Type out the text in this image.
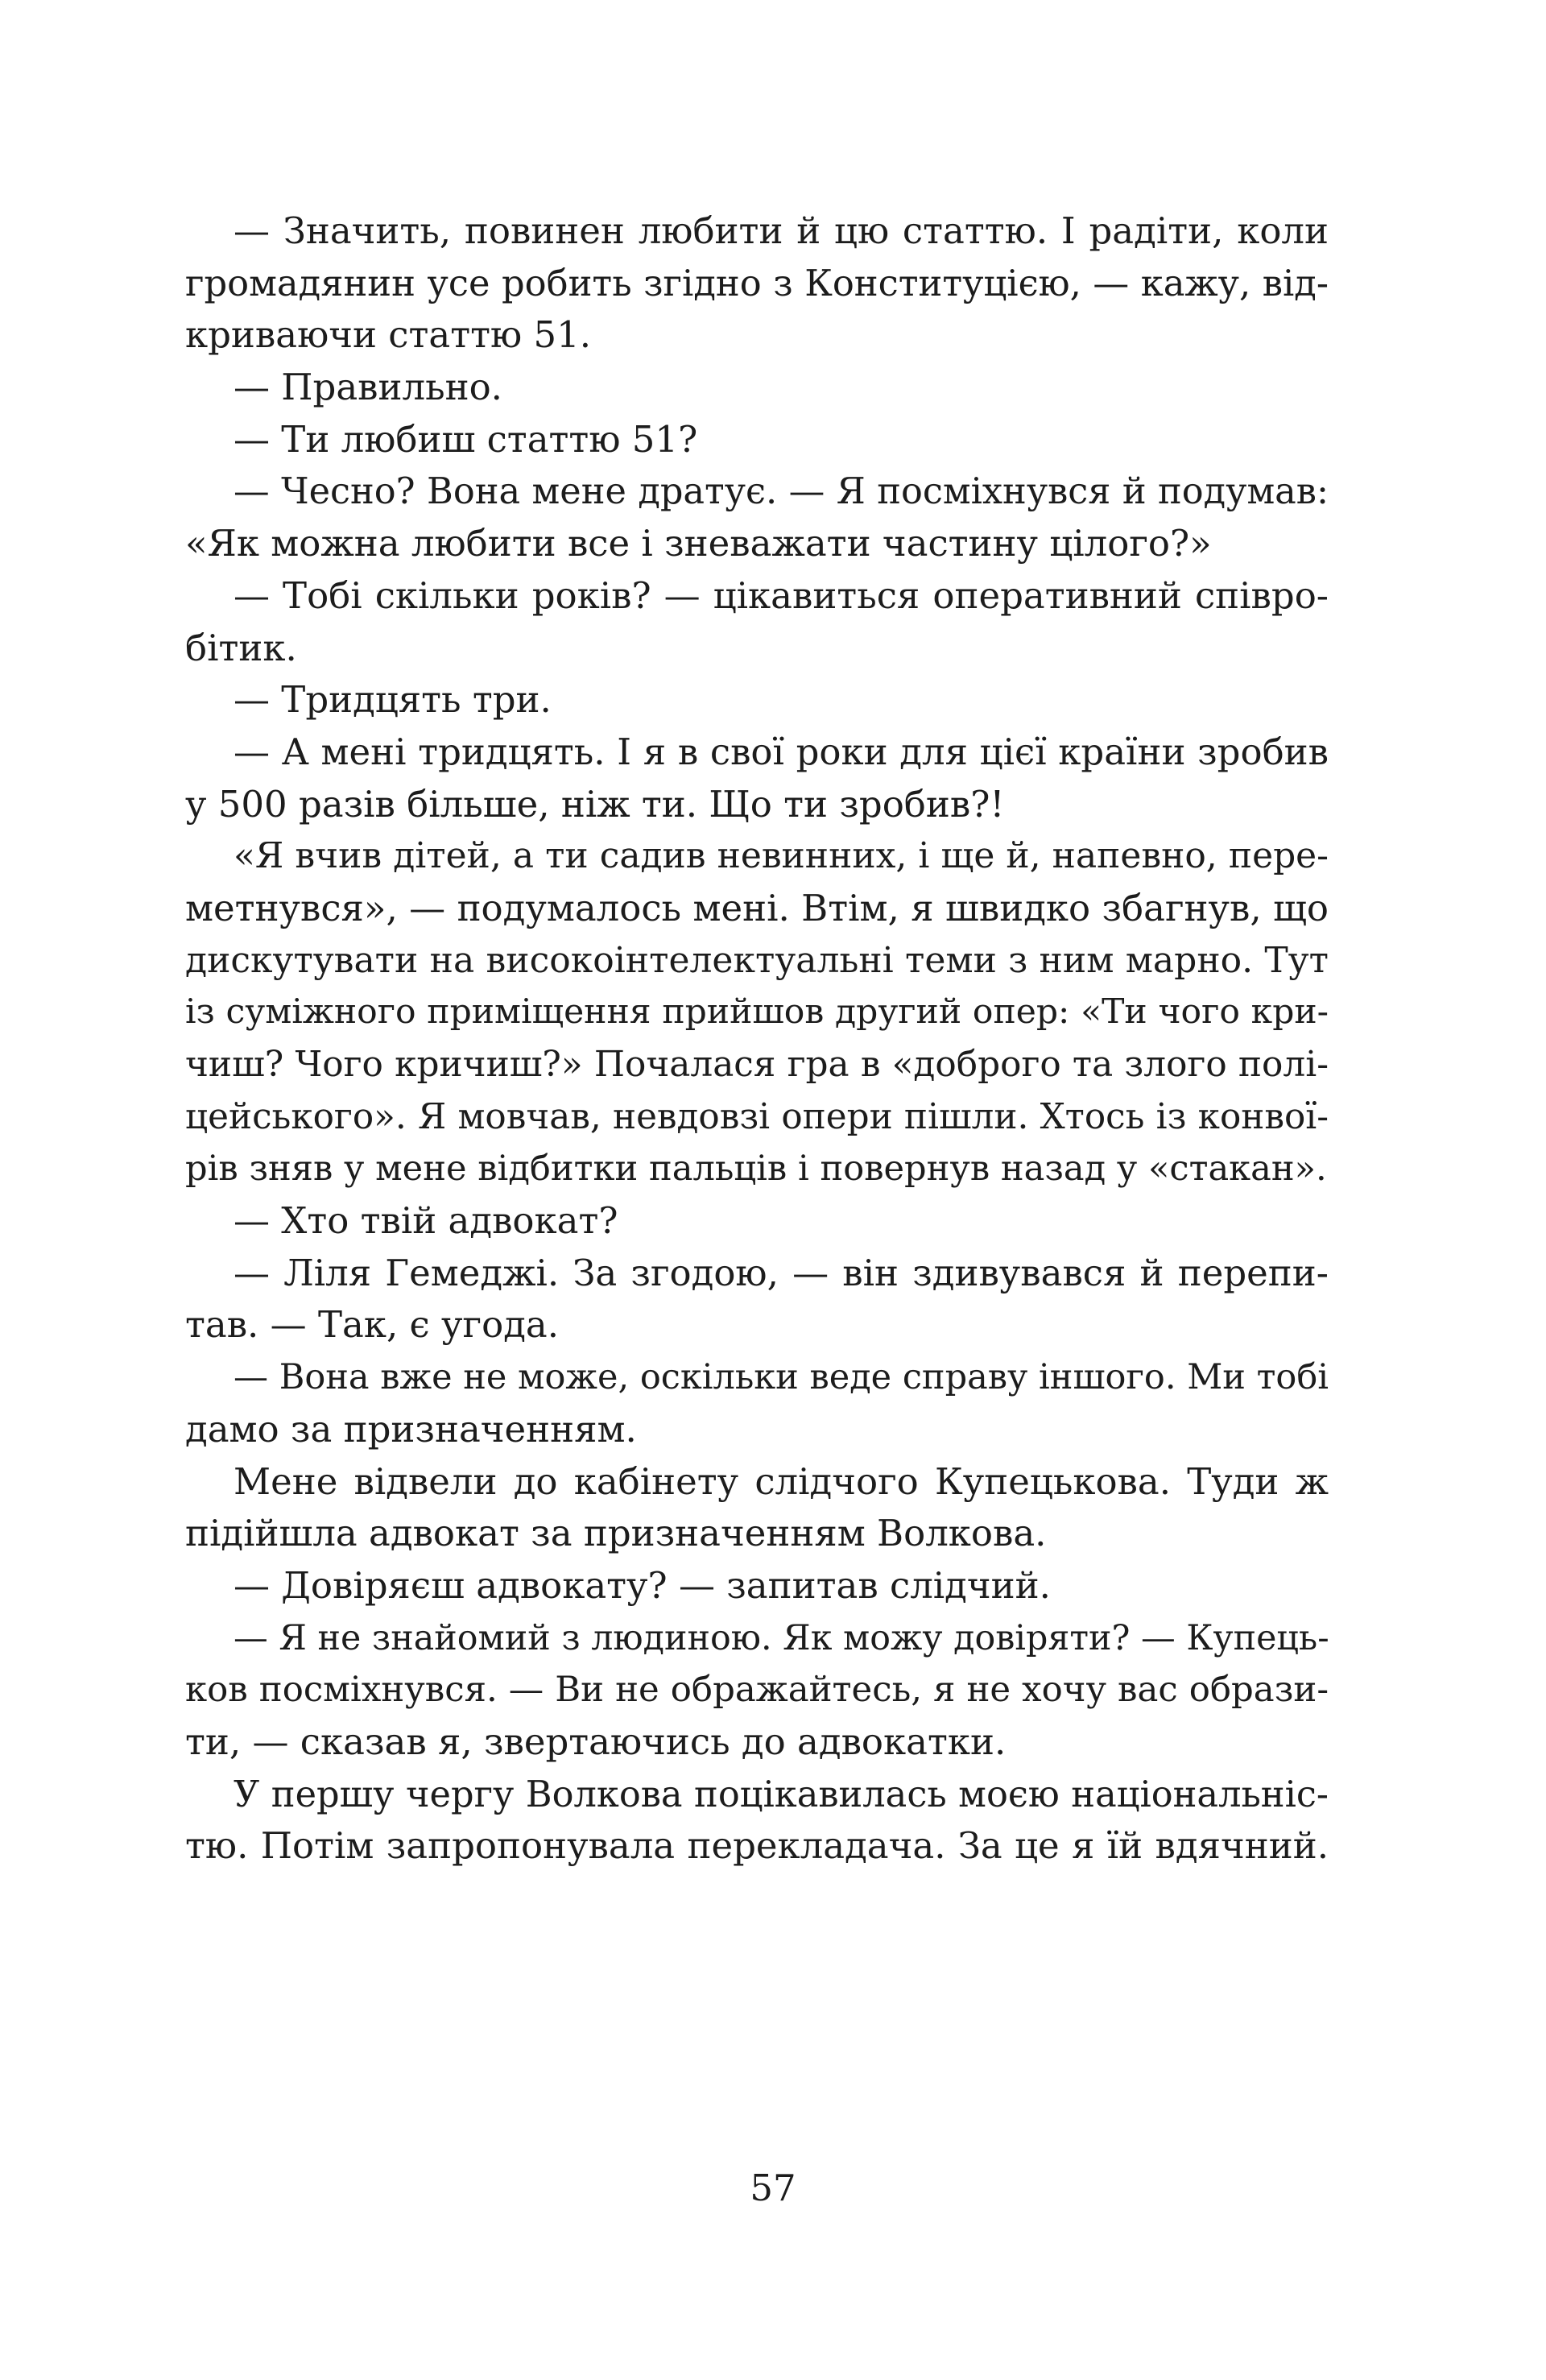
— Значить, повинен любити й цю статтю. І радіти, коли
громадянин усе робить згідно з Конституцією, — кажу, від-
криваючи статтю 51.
— Правильно.
— Ти любиш статтю 51?
— Чесно? Вона мене дратує. — Я посміхнувся й подумав:
«Як можна любити все і зневажати частину цілого?»
— Тобі скільки років? — цікавиться оперативний співро-
бітик.
— Тридцять три.
— А мені тридцять. І я в свої роки для цієї країни зробив
у 500 разів більше, ніж ти. Що ти зробив?!
«Я вчив дітей, а ти садив невинних, і ще й, напевно, пере-
метнувся», — подумалось мені. Втім, я швидко збагнув, що
дискутувати на високоінтелектуальні теми з ним марно. Тут
із суміжного приміщення прийшов другий опер: «Ти чого кри-
чиш? Чого кричиш?» Почалася гра в «доброго та злого полі-
цейського». Я мовчав, невдовзі опери пішли. Хтось із конвої-
рів зняв у мене відбитки пальців і повернув назад у «стакан».
— Хто твій адвокат?
— Ліля Гемеджі. За згодою, — він здивувався й перепи-
тав. — Так, є угода.
— Вона вже не може, оскільки веде справу іншого. Ми тобі
дамо за призначенням.
Мене відвели до кабінету слідчого Купецькова. Туди ж
підійшла адвокат за призначенням Волкова.
— Довіряєш адвокату? — запитав слідчий.
— Я не знайомий з людиною. Як можу довіряти? — Купець-
ков посміхнувся. — Ви не ображайтесь, я не хочу вас образи-
ти, — сказав я, звертаючись до адвокатки.
У першу чергу Волкова поцікавилась моєю національніс-
тю. Потім запропонувала перекладача. За це я їй вдячний.
57
